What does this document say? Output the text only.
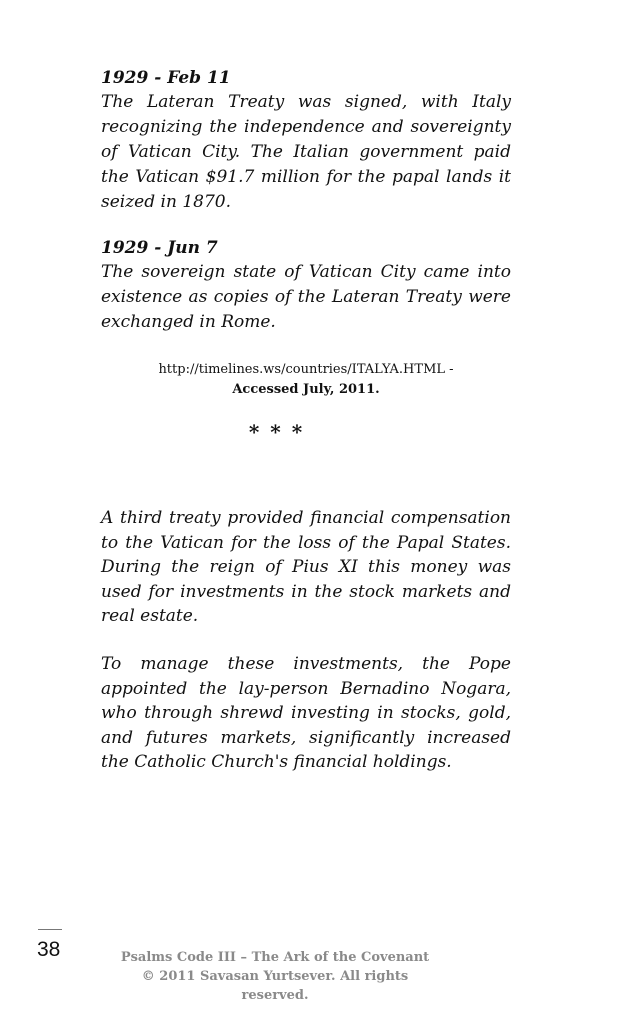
1929 - Feb 11

The Lateran Treaty was signed, with Italy recognizing the independence and sovereignty of Vatican City. The Italian government paid the Vatican $91.7 million for the papal lands it seized in 1870.

1929 - Jun 7

The sovereign state of Vatican City came into existence as copies of the Lateran Treaty were exchanged in Rome.

http://timelines.ws/countries/ITALYA.HTML -
Accessed July, 2011.
* * *

A third treaty provided financial compensation to the Vatican for the loss of the Papal States. During the reign of Pius XI this money was used for investments in the stock markets and real estate.

To manage these investments, the Pope appointed the lay-person Bernadino Nogara, who through shrewd investing in stocks, gold, and futures markets, significantly increased the Catholic Church's financial holdings.

38	Psalms Code III – The Ark of the Covenant
© 2011 Savasan Yurtsever. All rights reserved.
